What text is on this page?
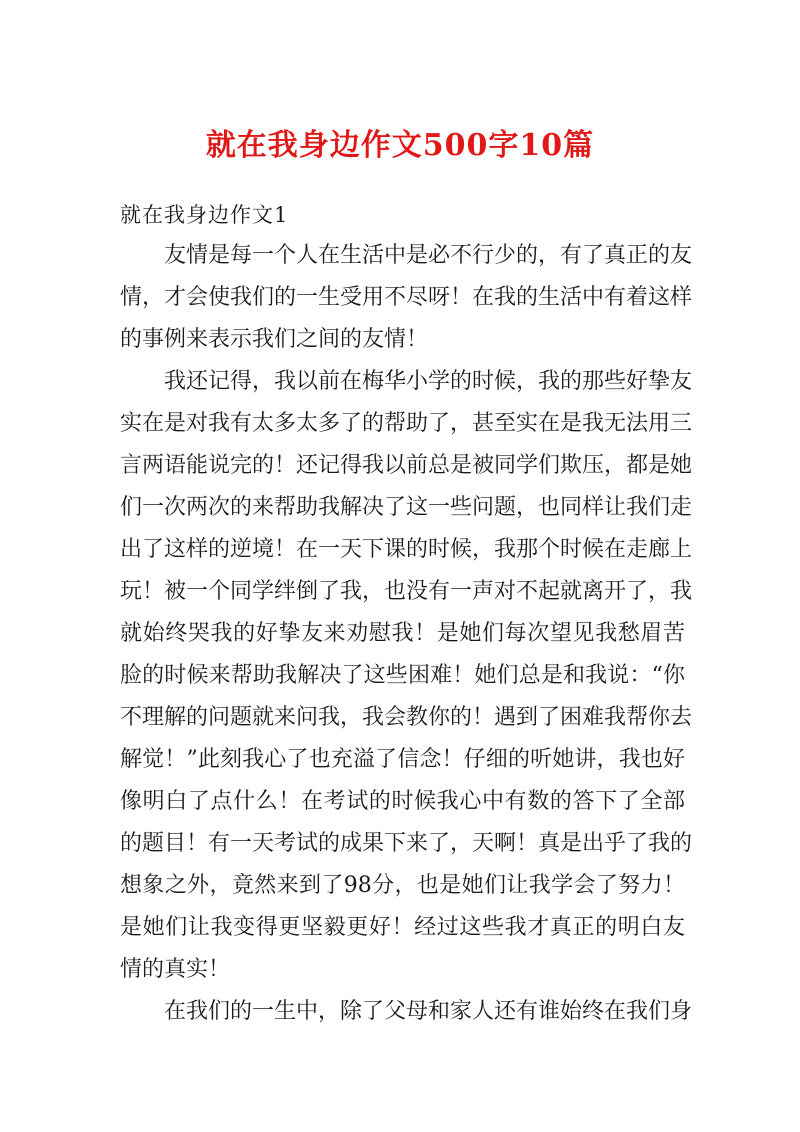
就在我身边作文500字10篇
就在我身边作文1
友情是每一个人在生活中是必不行少的，有了真正的友
情，才会使我们的一生受用不尽呀！在我的生活中有着这样
的事例来表示我们之间的友情！
我还记得，我以前在梅华小学的时候，我的那些好挚友
实在是对我有太多太多了的帮助了，甚至实在是我无法用三
言两语能说完的！还记得我以前总是被同学们欺压，都是她
们一次两次的来帮助我解决了这一些问题，也同样让我们走
出了这样的逆境！在一天下课的时候，我那个时候在走廊上
玩！被一个同学绊倒了我，也没有一声对不起就离开了，我
就始终哭我的好挚友来劝慰我！是她们每次望见我愁眉苦
脸的时候来帮助我解决了这些困难！她们总是和我说：“你
不理解的问题就来问我，我会教你的！遇到了困难我帮你去
解觉！”此刻我心了也充溢了信念！仔细的听她讲，我也好
像明白了点什么！在考试的时候我心中有数的答下了全部
的题目！有一天考试的成果下来了，天啊！真是出乎了我的
想象之外，竟然来到了98分，也是她们让我学会了努力！
是她们让我变得更坚毅更好！经过这些我才真正的明白友
情的真实！
在我们的一生中，除了父母和家人还有谁始终在我们身
